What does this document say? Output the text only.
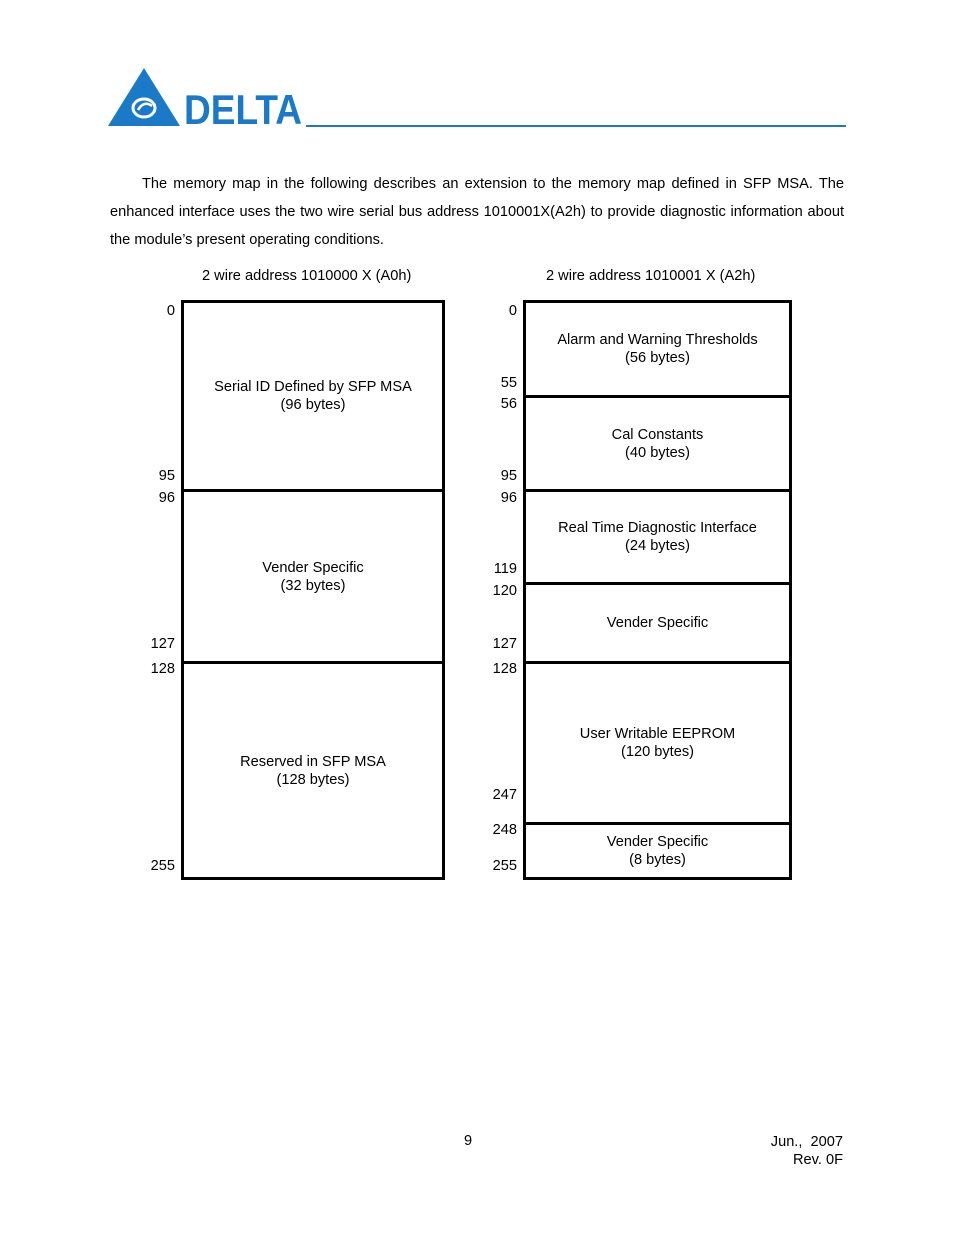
DELTA

The memory map in the following describes an extension to the memory map defined in SFP MSA. The enhanced interface uses the two wire serial bus address 1010001X(A2h) to provide diagnostic information about the module’s present operating conditions.

2 wire address 1010000 X (A0h)	2 wire address 1010001 X (A2h)
Serial ID Defined by SFP MSA
(96 bytes)
Vender Specific
(32 bytes)
Reserved in SFP MSA
(128 bytes)
0
95
96
127
128
255
Alarm and Warning Thresholds
(56 bytes)
Cal Constants
(40 bytes)
Real Time Diagnostic Interface
(24 bytes)
Vender Specific
User Writable EEPROM
(120 bytes)
Vender Specific
(8 bytes)
0
55
56
95
96
119
120
127
128
247
248
255
9	Jun.,  2007
Rev. 0F
